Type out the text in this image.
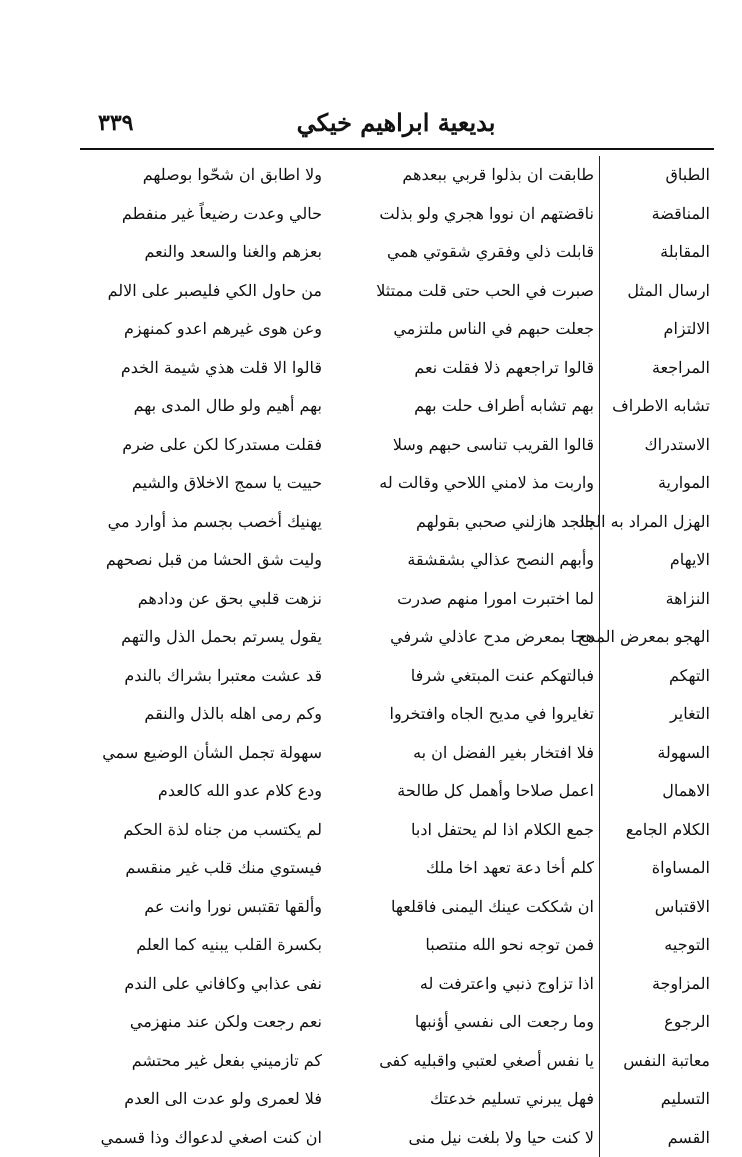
بديعية ابراهيم خيكي
٣٣٩
الطباق
طابقت ان بذلوا قربي ببعدهم
ولا اطابق ان شحّوا بوصلهم
المناقضة
ناقضتهم ان نووا هجري ولو بذلت
حالي وعدت رضيعاً غير منفطم
المقابلة
قابلت ذلي وفقري شقوتي همي
بعزهم والغنا والسعد والنعم
ارسال المثل
صبرت في الحب حتى قلت ممتثلا
من حاول الكي فليصبر على الالم
الالتزام
جعلت حبهم في الناس ملتزمي
وعن هوى غيرهم اعدو كمنهزم
المراجعة
قالوا تراجعهم ذلا فقلت نعم
قالوا الا قلت هذي شيمة الخدم
تشابه الاطراف
بهم تشابه أطراف حلت بهم
بهم أهيم ولو طال المدى بهم
الاستدراك
قالوا القريب تناسى حبهم وسلا
فقلت مستدركا لكن على ضرم
الموارية
واربت مذ لامني اللاحي وقالت له
حييت يا سمج الاخلاق والشيم
الهزل المراد به الجد
بالجد هازلني صحبي بقولهم
يهنيك أخصب بجسم مذ أوارد مي
الايهام
وأبهم النصح عذالي بشقشقة
وليت شق الحشا من قبل نصحهم
النزاهة
لما اختبرت امورا منهم صدرت
نزهت قلبي بحق عن ودادهم
الهجو بمعرض المدح
هجا بمعرض مدح عاذلي شرفي
يقول يسرتم بحمل الذل والتهم
التهكم
فبالتهكم عنت المبتغي شرفا
قد عشت معتبرا بشراك بالندم
التغاير
تغايروا في مديح الجاه وافتخروا
وكم رمى اهله بالذل والنقم
السهولة
فلا افتخار بغير الفضل ان به
سهولة تجمل الشأن الوضيع سمي
الاهمال
اعمل صلاحا وأهمل كل طالحة
ودع كلام عدو الله كالعدم
الكلام الجامع
جمع الكلام اذا لم يحتفل ادبا
لم يكتسب من جناه لذة الحكم
المساواة
كلم أخا دعة تعهد اخا ملك
فيستوي منك قلب غير منقسم
الاقتباس
ان شككت عينك اليمنى فاقلعها
وألقها تقتبس نورا وانت عم
التوجيه
فمن توجه نحو الله منتصبا
بكسرة القلب يبنيه كما العلم
المزاوجة
اذا تزاوج ذنبي واعترفت له
نفى عذابي وكافاني على الندم
الرجوع
وما رجعت الى نفسي أؤنبها
نعم رجعت ولكن عند منهزمي
معاتبة النفس
يا نفس أصغي لعتبي واقبليه كفى
كم تازميني بفعل غير محتشم
التسليم
فهل يبرني تسليم خدعتك
فلا لعمرى ولو عدت الى العدم
القسم
لا كنت حيا ولا بلغت نيل منى
ان كنت اصغي لدعواك وذا قسمي
